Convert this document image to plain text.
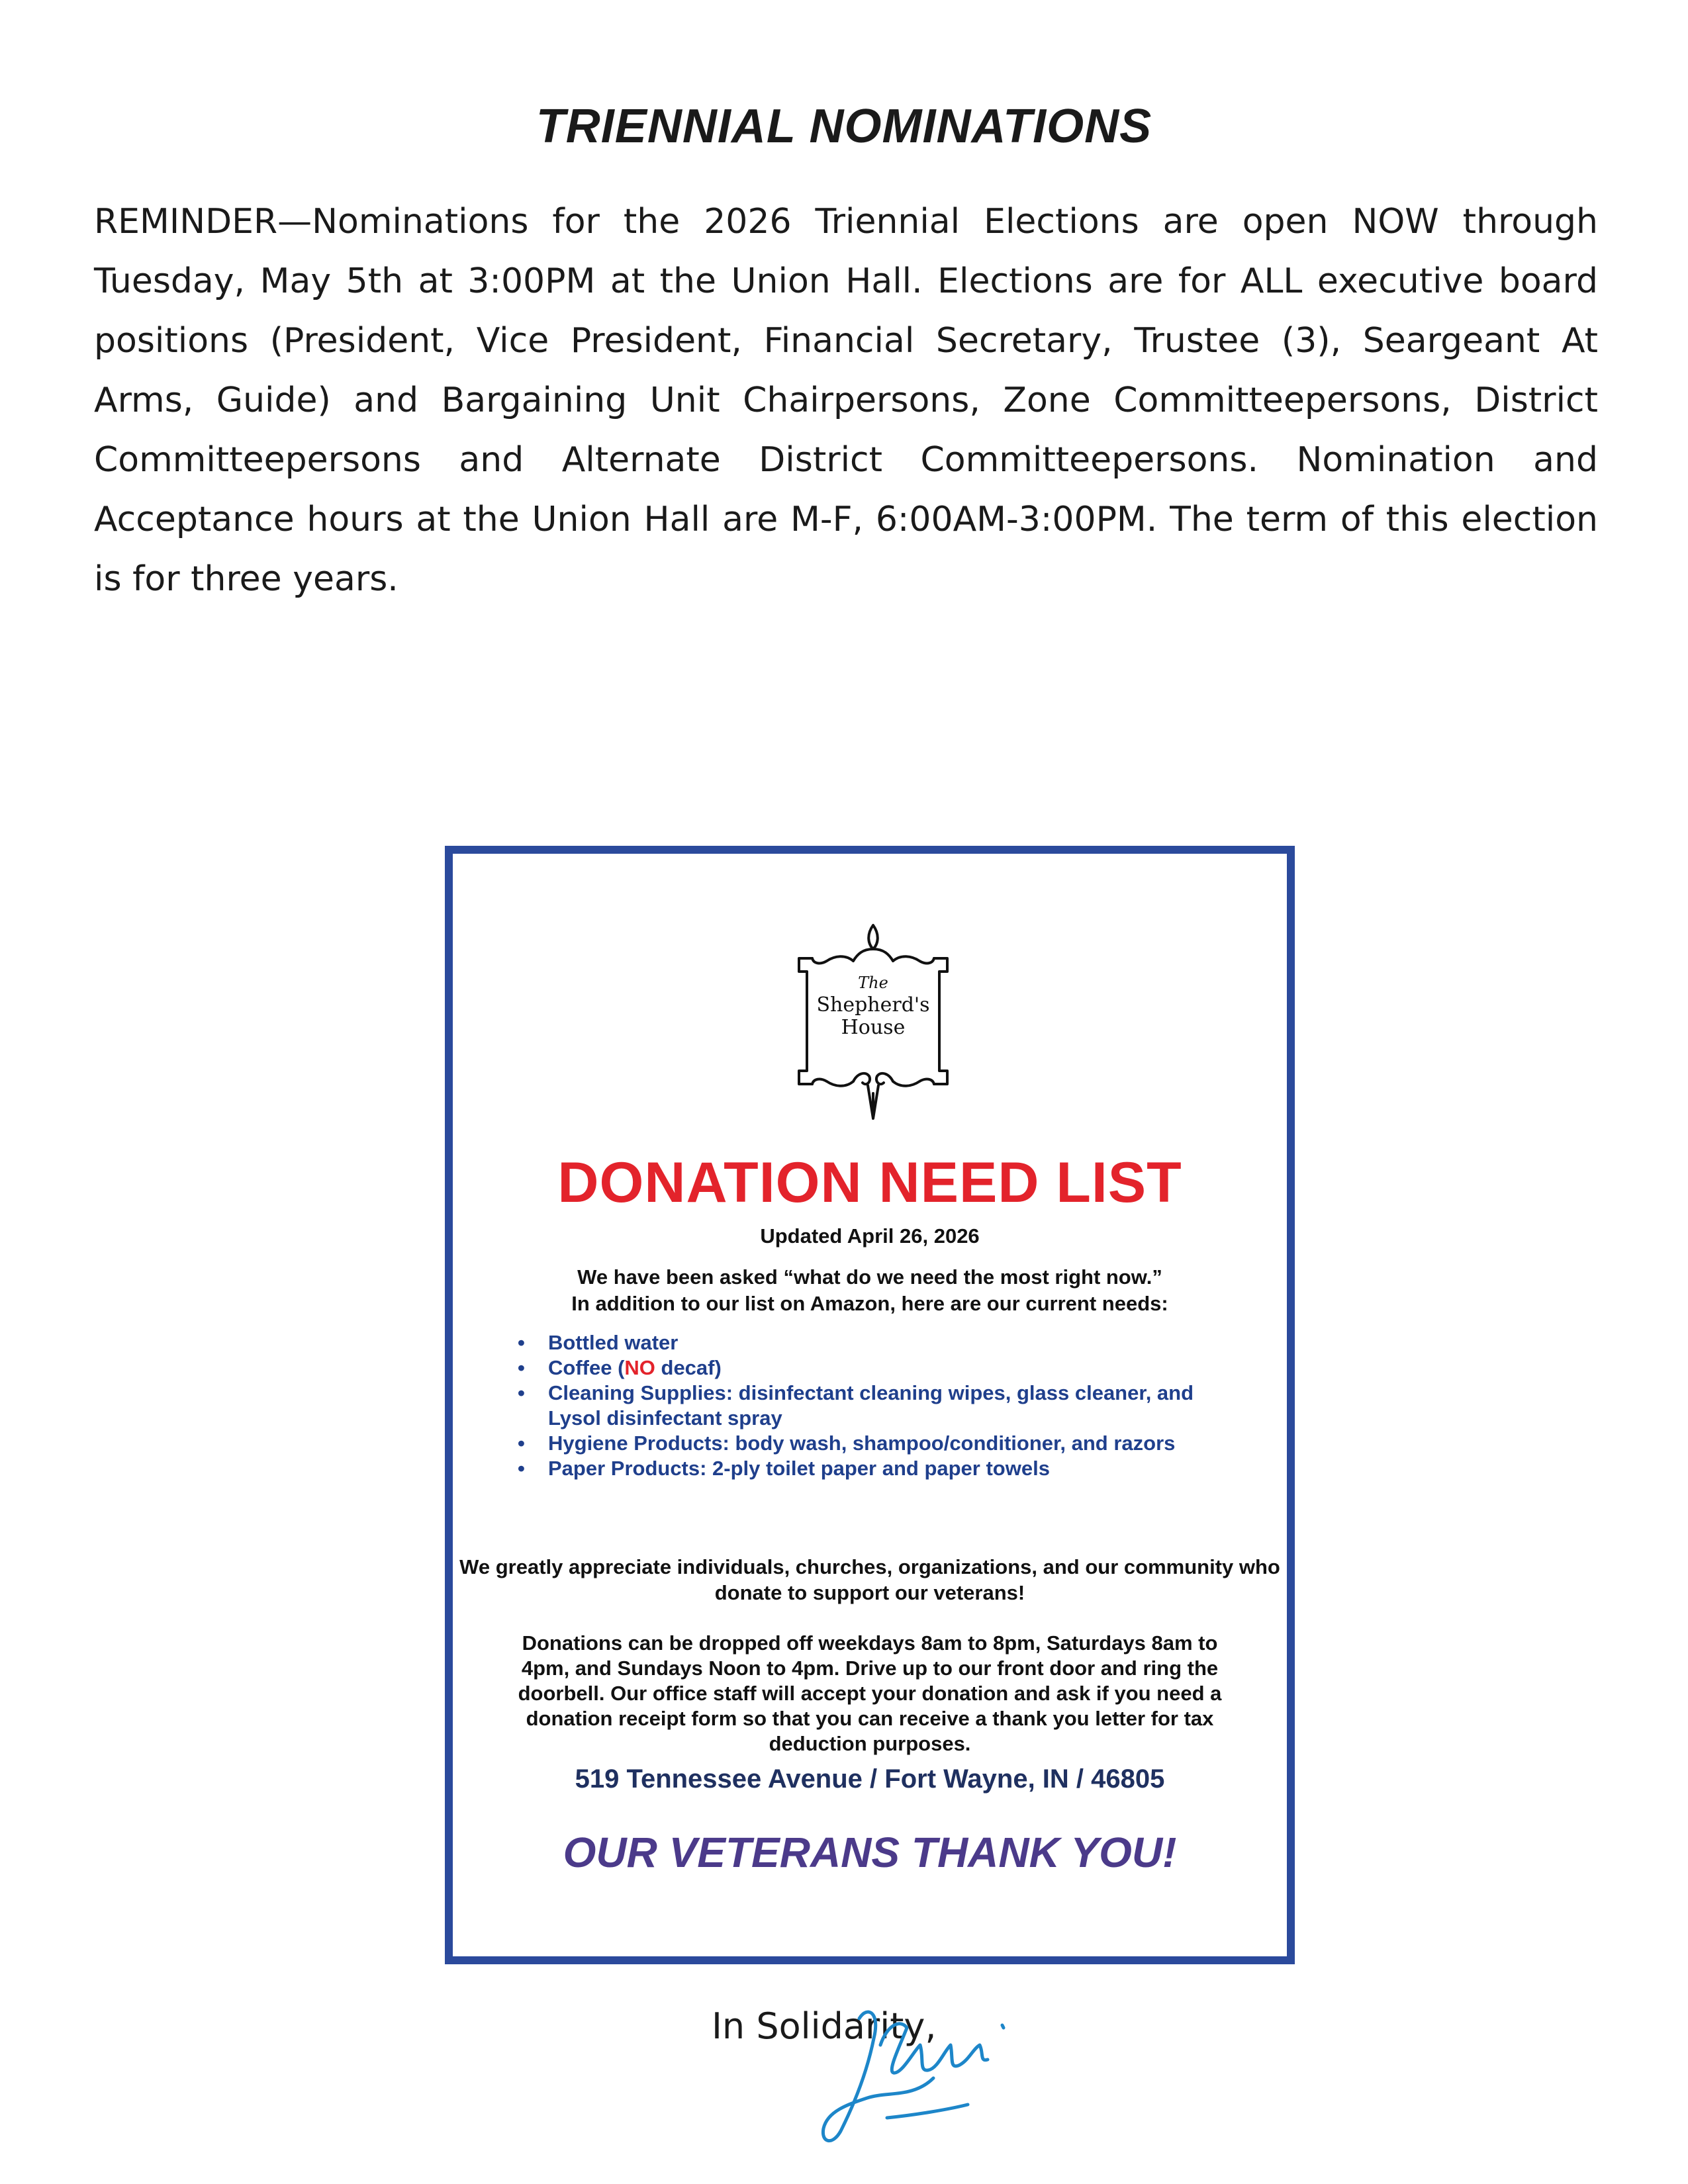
TRIENNIAL NOMINATIONS

REMINDER—Nominations for the 2026 Triennial Elections are open NOW through Tuesday, May 5th at 3:00PM at the Union Hall. Elections are for ALL executive board positions (President, Vice President, Financial Secretary, Trustee (3), Seargeant At Arms, Guide) and Bargaining Unit Chairpersons, Zone Committeepersons, District Committeepersons and Alternate District Committeepersons. Nomination and Acceptance hours at the Union Hall are M-F, 6:00AM-3:00PM. The term of this election is for three years.

The
Shepherd's
House
DONATION NEED LIST
Updated April 26, 2026
We have been asked “what do we need the most right now.”
In addition to our list on Amazon, here are our current needs:
• Bottled water
• Coffee (NO decaf)
• Cleaning Supplies: disinfectant cleaning wipes, glass cleaner, and Lysol disinfectant spray
• Hygiene Products: body wash, shampoo/conditioner, and razors
• Paper Products: 2-ply toilet paper and paper towels
We greatly appreciate individuals, churches, organizations, and our community who donate to support our veterans!
Donations can be dropped off weekdays 8am to 8pm, Saturdays 8am to 4pm, and Sundays Noon to 4pm. Drive up to our front door and ring the doorbell. Our office staff will accept your donation and ask if you need a donation receipt form so that you can receive a thank you letter for tax deduction purposes.
519 Tennessee Avenue / Fort Wayne, IN / 46805
OUR VETERANS THANK YOU!
In Solidarity,
